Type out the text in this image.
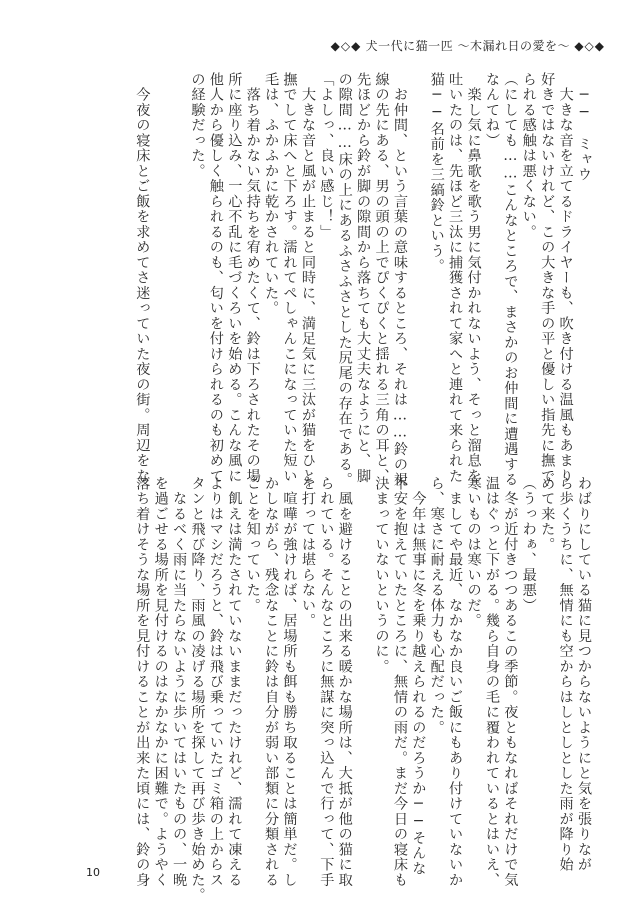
◆◇◆ 犬一代に猫一匹 ～木漏れ日の愛を～ ◆◇◆
　──　ミャウ
　大きな音を立てるドライヤーも、吹き付ける温風もあまり
好きではないけれど、この大きな手の平と優しい指先に撫で
られる感触は悪くない。
（にしても……こんなところで、まさかのお仲間に遭遇する
なんてね）
　楽し気に鼻歌を歌う男に気付かれないよう、そっと溜息を
吐いたのは、先ほど三汰に捕獲されて家へと連れて来られた
猫──名前を三縞鈴という。
　お仲間、という言葉の意味するところ、それは……鈴の視
線の先にある、男の頭の上でぴくぴくと揺れる三角の耳と、
先ほどから鈴が脚の隙間から落ちても大丈夫なようにと、脚
の隙間……床の上にあるふさふさとした尻尾の存在である。
「よしっ、良い感じ！」
　大きな音と風が止まると同時に、満足気に三汰が猫をひと
撫でして床へと下ろす。濡れてぺしゃんこになっていた短い
毛は、ふかふかに乾かされていた。
　落ち着かない気持ちを宥めたくて、鈴は下ろされたその場
所に座り込み、一心不乱に毛づくろいを始める。こんな風に
他人から優しく触られるのも、匂いを付けられるのも初めて
の経験だった。
　今夜の寝床とご飯を求めてさ迷っていた夜の街。周辺をな
わばりにしている猫に見つからないようにと気を張りなが
ら歩くうちに、無情にも空からはしとしとした雨が降り始
めて来た。
（うっわぁ、最悪）
　冬が近付きつつあるこの季節。夜ともなればそれだけで気
温はぐっと下がる。幾ら自身の毛に覆われているとはいえ、
寒いものは寒いのだ。
　ましてや最近、なかなか良いご飯にもあり付けていないか
ら、寒さに耐える体力も心配だった。
　今年は無事に冬を乗り越えられるのだろうか──そんな
不安を抱えていたところに、無情の雨だ。まだ今日の寝床も
決まっていないというのに。
　風を避けることの出来る暖かな場所は、大抵が他の猫に取
られている。そんなところに無謀に突っ込んで行って、下手
を打っては堪らない。
　喧嘩が強ければ、居場所も餌も勝ち取ることは簡単だ。し
かしながら、残念なことに鈴は自分が弱い部類に分類される
ことを知っていた。
　飢えは満たされていないままだったけれど、濡れて凍える
よりはマシだろうと、鈴は飛び乗っていたゴミ箱の上からス
タンと飛び降り、雨風の凌げる場所を探して再び歩き始めた。
　なるべく雨に当たらないように歩いてはいたものの、一晩
を過ごせる場所を見付けるのはなかなかに困難で。ようやく
落ち着けそうな場所を見付けることが出来た頃には、鈴の身
10
